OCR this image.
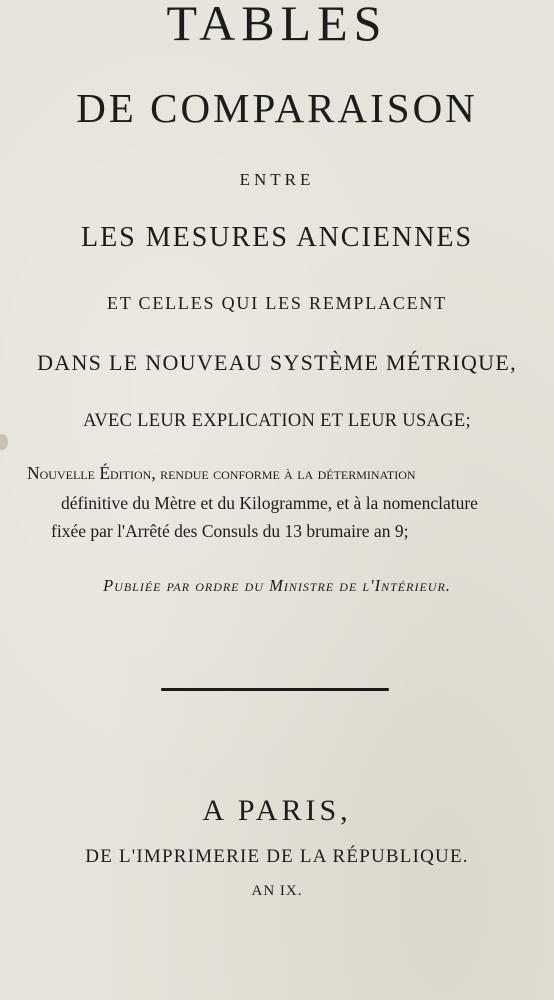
TABLES
DE COMPARAISON
ENTRE
LES MESURES ANCIENNES
ET CELLES QUI LES REMPLACENT
DANS LE NOUVEAU SYSTÈME MÉTRIQUE,
AVEC LEUR EXPLICATION ET LEUR USAGE;
Nouvelle Édition, rendue conforme à la détermination
définitive du Mètre et du Kilogramme, et à la nomenclature
fixée par l'Arrêté des Consuls du 13 brumaire an 9;
Publiée par ordre du Ministre de l'Intérieur.
A PARIS,
DE L'IMPRIMERIE DE LA RÉPUBLIQUE.
AN IX.
